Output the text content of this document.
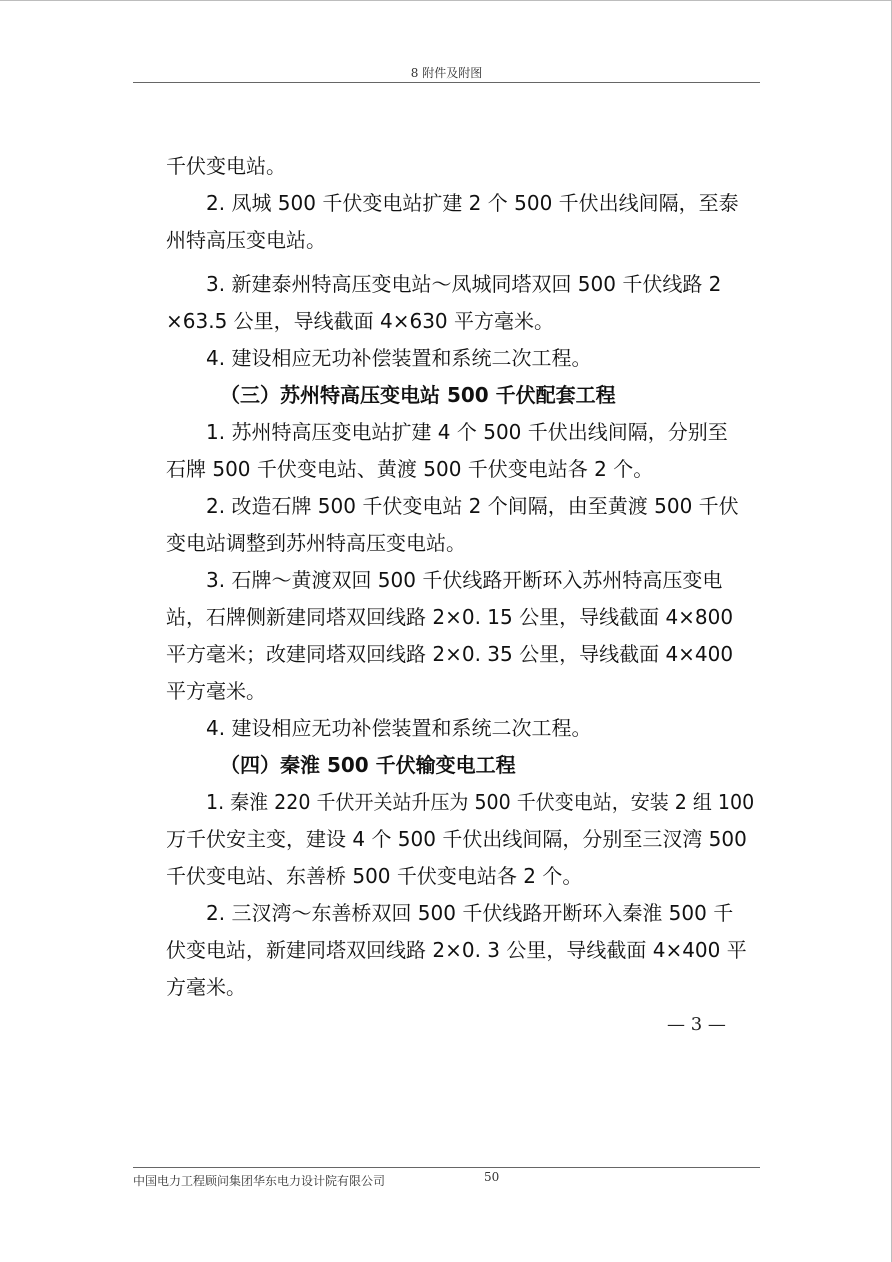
8 附件及附图
千伏变电站。
2. 凤城 500 千伏变电站扩建 2 个 500 千伏出线间隔，至泰
州特高压变电站。
3. 新建泰州特高压变电站～凤城同塔双回 500 千伏线路 2
×63.5 公里，导线截面 4×630 平方毫米。
4. 建设相应无功补偿装置和系统二次工程。
（三）苏州特高压变电站 500 千伏配套工程
1. 苏州特高压变电站扩建 4 个 500 千伏出线间隔，分别至
石牌 500 千伏变电站、黄渡 500 千伏变电站各 2 个。
2. 改造石牌 500 千伏变电站 2 个间隔，由至黄渡 500 千伏
变电站调整到苏州特高压变电站。
3. 石牌～黄渡双回 500 千伏线路开断环入苏州特高压变电
站，石牌侧新建同塔双回线路 2×0. 15 公里，导线截面 4×800
平方毫米；改建同塔双回线路 2×0. 35 公里，导线截面 4×400
平方毫米。
4. 建设相应无功补偿装置和系统二次工程。
（四）秦淮 500 千伏输变电工程
1. 秦淮 220 千伏开关站升压为 500 千伏变电站，安装 2 组 100
万千伏安主变，建设 4 个 500 千伏出线间隔，分别至三汊湾 500
千伏变电站、东善桥 500 千伏变电站各 2 个。
2. 三汊湾～东善桥双回 500 千伏线路开断环入秦淮 500 千
伏变电站，新建同塔双回线路 2×0. 3 公里，导线截面 4×400 平
方毫米。
— 3 —
中国电力工程顾问集团华东电力设计院有限公司	50
